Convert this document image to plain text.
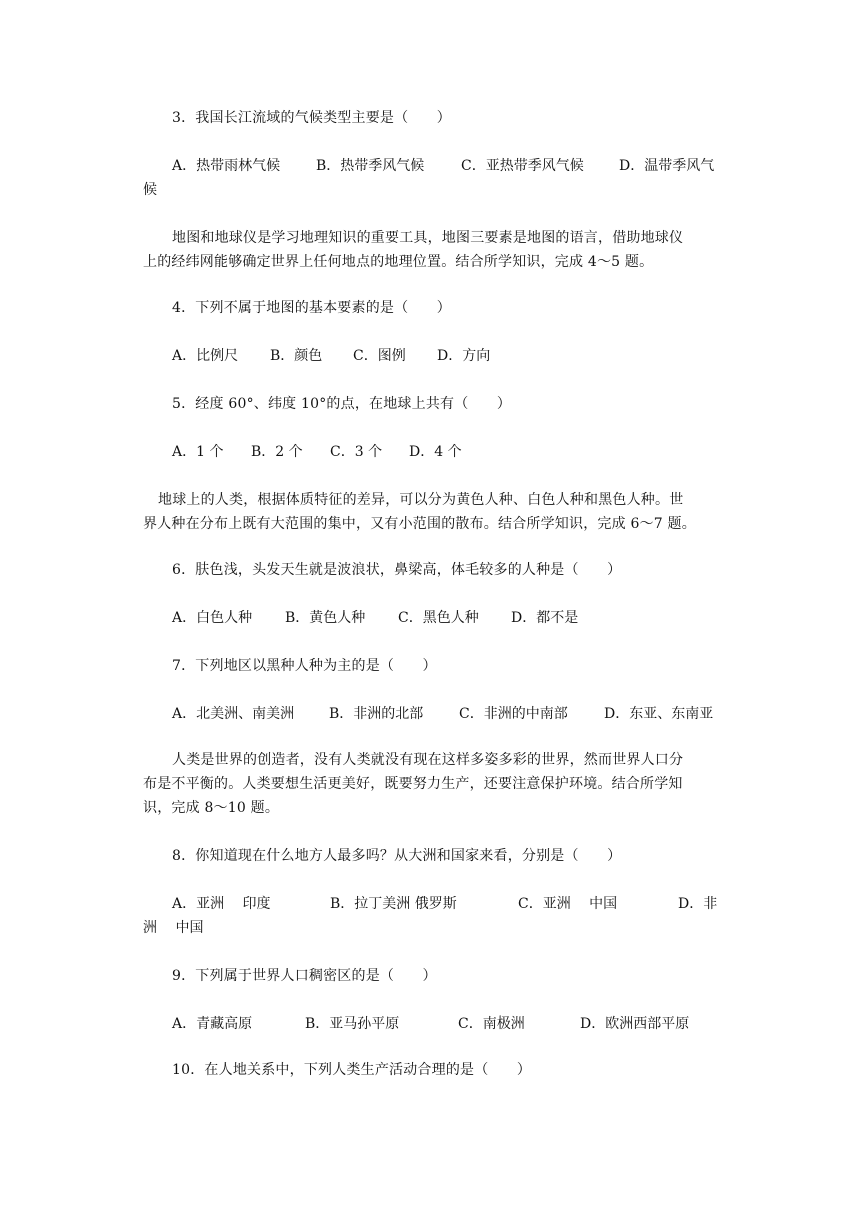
3．我国长江流域的气候类型主要是（　　）
A．热带雨林气候	B．热带季风气候	C．亚热带季风气候	D．温带季风气
候
地图和地球仪是学习地理知识的重要工具，地图三要素是地图的语言，借助地球仪
上的经纬网能够确定世界上任何地点的地理位置。结合所学知识，完成 4～5 题。
4．下列不属于地图的基本要素的是（　　）
A．比例尺 B．颜色 C．图例 D．方向
5．经度 60°、纬度 10°的点，在地球上共有（　　）
A．1 个 B．2 个 C．3 个 D．4 个
地球上的人类，根据体质特征的差异，可以分为黄色人种、白色人种和黑色人种。世
界人种在分布上既有大范围的集中，又有小范围的散布。结合所学知识，完成 6～7 题。
6．肤色浅，头发天生就是波浪状，鼻梁高，体毛较多的人种是（　　）
A．白色人种 B．黄色人种 C．黑色人种 D．都不是
7．下列地区以黑种人种为主的是（　　）
A．北美洲、南美洲 B．非洲的北部	C．非洲的中南部	D．东亚、东南亚
人类是世界的创造者，没有人类就没有现在这样多姿多彩的世界，然而世界人口分
布是不平衡的。人类要想生活更美好，既要努力生产，还要注意保护环境。结合所学知
识，完成 8～10 题。
8．你知道现在什么地方人最多吗？从大洲和国家来看，分别是（　　）
A．亚洲　 印度	B．拉丁美洲 俄罗斯	C．亚洲　 中国	D．非
洲　 中国
9．下列属于世界人口稠密区的是（　　）
A．青藏高原	B．亚马孙平原	C．南极洲	D．欧洲西部平原
10．在人地关系中，下列人类生产活动合理的是（　　）
